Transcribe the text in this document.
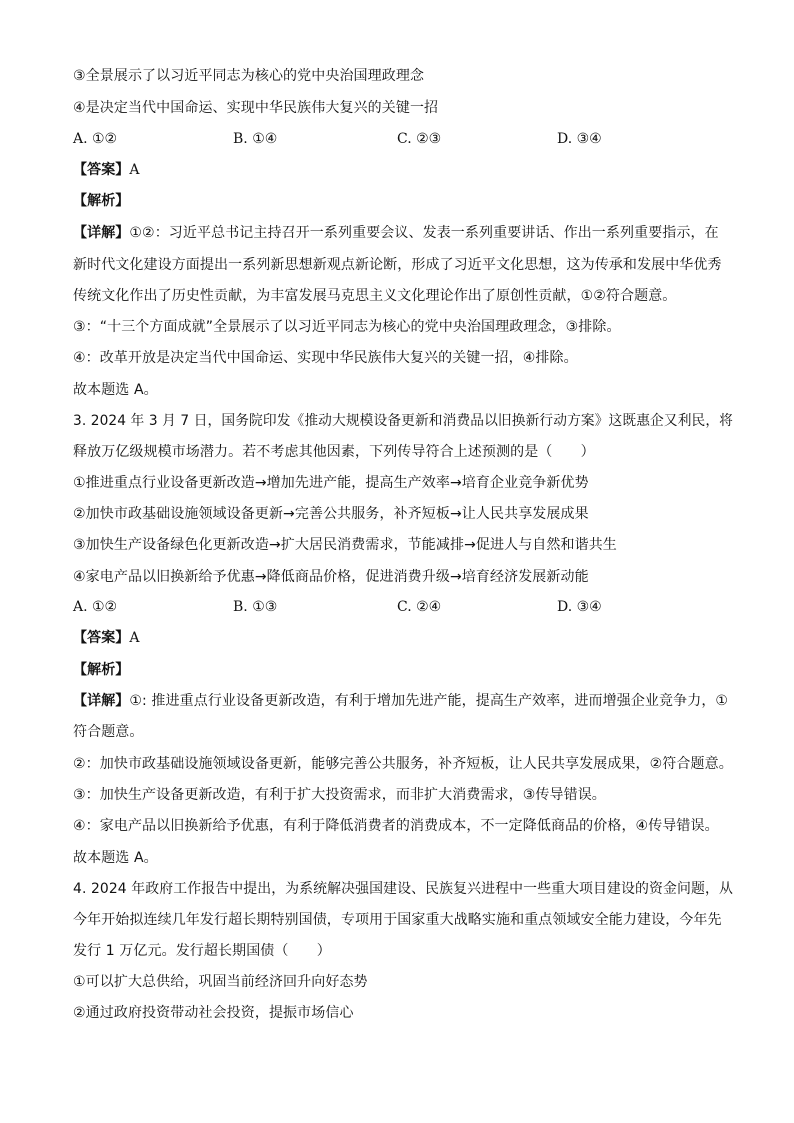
③全景展示了以习近平同志为核心的党中央治国理政理念
④是决定当代中国命运、实现中华民族伟大复兴的关键一招
A. ①②	B. ①④	C. ②③	D. ③④
【答案】A
【解析】
【详解】①②：习近平总书记主持召开一系列重要会议、发表一系列重要讲话、作出一系列重要指示，在
新时代文化建设方面提出一系列新思想新观点新论断，形成了习近平文化思想，这为传承和发展中华优秀
传统文化作出了历史性贡献，为丰富发展马克思主义文化理论作出了原创性贡献，①②符合题意。
③：“十三个方面成就”全景展示了以习近平同志为核心的党中央治国理政理念，③排除。
④：改革开放是决定当代中国命运、实现中华民族伟大复兴的关键一招，④排除。
故本题选 A。
3. 2024 年 3 月 7 日，国务院印发《推动大规模设备更新和消费品以旧换新行动方案》这既惠企又利民，将
释放万亿级规模市场潜力。若不考虑其他因素，下列传导符合上述预测的是（　　）
①推进重点行业设备更新改造→增加先进产能，提高生产效率→培育企业竞争新优势
②加快市政基础设施领域设备更新→完善公共服务，补齐短板→让人民共享发展成果
③加快生产设备绿色化更新改造→扩大居民消费需求，节能减排→促进人与自然和谐共生
④家电产品以旧换新给予优惠→降低商品价格，促进消费升级→培育经济发展新动能
A. ①②	B. ①③	C. ②④	D. ③④
【答案】A
【解析】
【详解】①: 推进重点行业设备更新改造，有利于增加先进产能，提高生产效率，进而增强企业竞争力，①
符合题意。
②：加快市政基础设施领域设备更新，能够完善公共服务，补齐短板，让人民共享发展成果，②符合题意。
③：加快生产设备更新改造，有利于扩大投资需求，而非扩大消费需求，③传导错误。
④：家电产品以旧换新给予优惠，有利于降低消费者的消费成本，不一定降低商品的价格，④传导错误。
故本题选 A。
4. 2024 年政府工作报告中提出，为系统解决强国建设、民族复兴进程中一些重大项目建设的资金问题，从
今年开始拟连续几年发行超长期特别国债，专项用于国家重大战略实施和重点领域安全能力建设，今年先
发行 1 万亿元。发行超长期国债（　　）
①可以扩大总供给，巩固当前经济回升向好态势
②通过政府投资带动社会投资，提振市场信心
